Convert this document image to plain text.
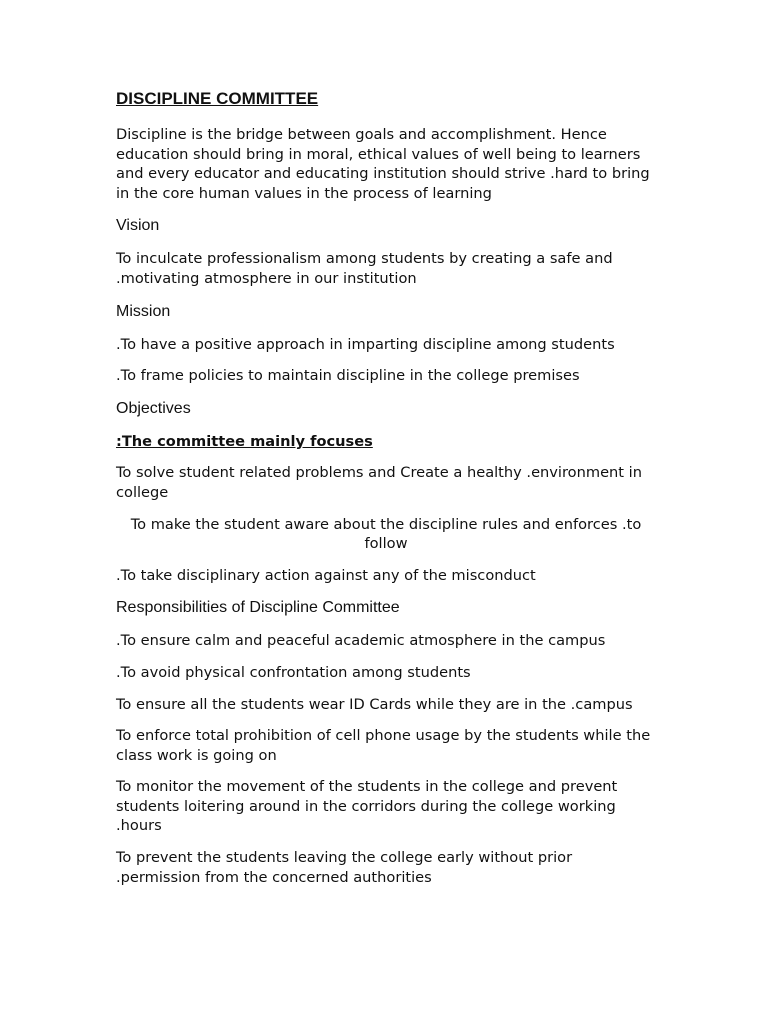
DISCIPLINE COMMITTEE

Discipline is the bridge between goals and accomplishment. Hence education should bring in moral, ethical values of well being to learners and every educator and educating institution should strive .hard to bring in the core human values in the process of learning

Vision

To inculcate professionalism among students by creating a safe and .motivating atmosphere in our institution

Mission

.To have a positive approach in imparting discipline among students

.To frame policies to maintain discipline in the college premises

Objectives

:The committee mainly focuses

To solve student related problems and Create a healthy .environment in college

To make the student aware about the discipline rules and enforces .to follow

.To take disciplinary action against any of the misconduct

Responsibilities of Discipline Committee

.To ensure calm and peaceful academic atmosphere in the campus

.To avoid physical confrontation among students

To ensure all the students wear ID Cards while they are in the .campus

To enforce total prohibition of cell phone usage by the students while the class work is going on

To monitor the movement of the students in the college and prevent students loitering around in the corridors during the college working .hours

To prevent the students leaving the college early without prior .permission from the concerned authorities
